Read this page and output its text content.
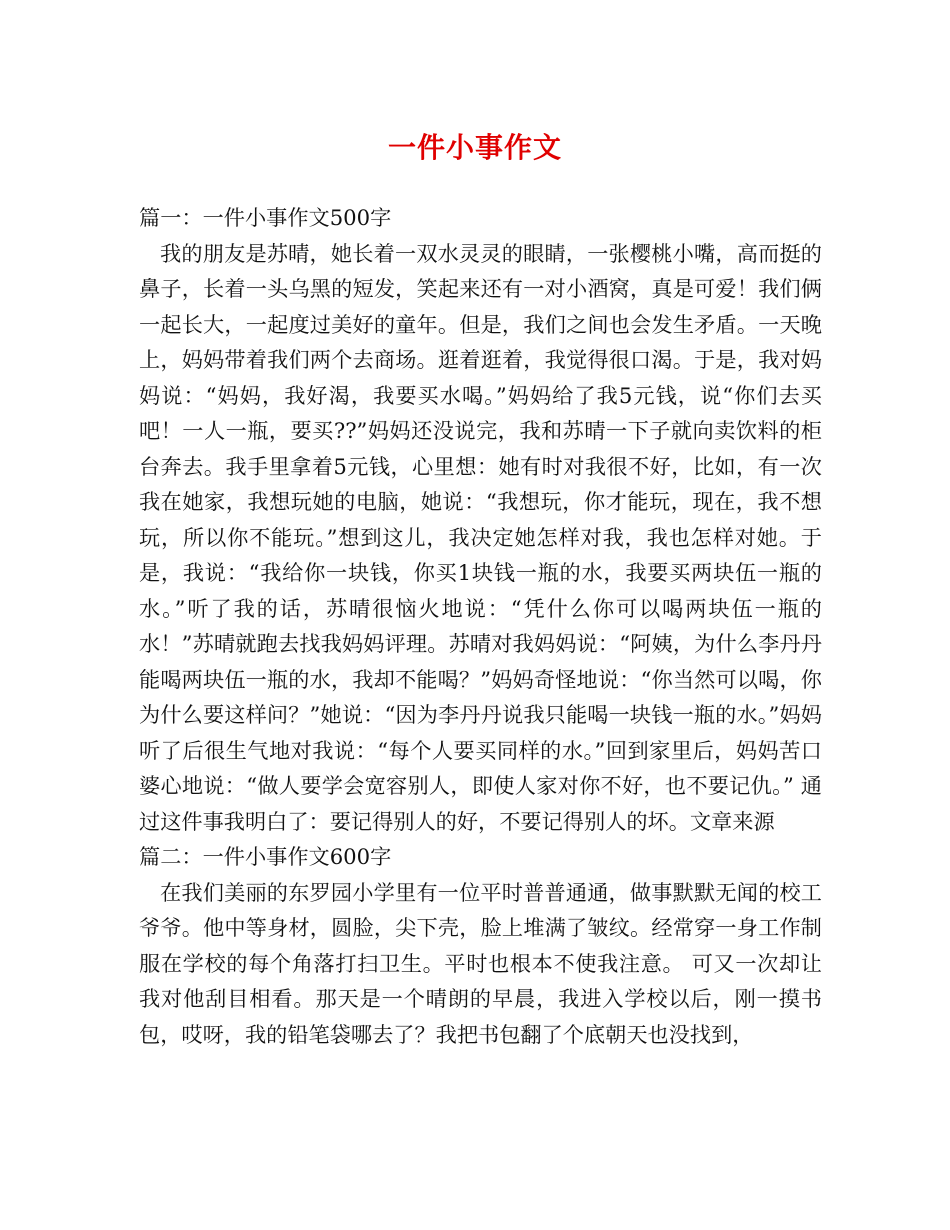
一件小事作文

篇一：一件小事作文500字

我的朋友是苏晴，她长着一双水灵灵的眼睛，一张樱桃小嘴，高而挺的鼻子，长着一头乌黑的短发，笑起来还有一对小酒窝，真是可爱！我们俩一起长大，一起度过美好的童年。但是，我们之间也会发生矛盾。一天晚上，妈妈带着我们两个去商场。逛着逛着，我觉得很口渴。于是，我对妈妈说：“妈妈，我好渴，我要买水喝。”妈妈给了我5元钱，说“你们去买吧！一人一瓶，要买??”妈妈还没说完，我和苏晴一下子就向卖饮料的柜台奔去。我手里拿着5元钱，心里想：她有时对我很不好，比如，有一次我在她家，我想玩她的电脑，她说：“我想玩，你才能玩，现在，我不想玩，所以你不能玩。”想到这儿，我决定她怎样对我，我也怎样对她。于是，我说：“我给你一块钱，你买1块钱一瓶的水，我要买两块伍一瓶的水。”听了我的话，苏晴很恼火地说：“凭什么你可以喝两块伍一瓶的水！”苏晴就跑去找我妈妈评理。苏晴对我妈妈说：“阿姨，为什么李丹丹能喝两块伍一瓶的水，我却不能喝？”妈妈奇怪地说：“你当然可以喝，你为什么要这样问？”她说：“因为李丹丹说我只能喝一块钱一瓶的水。”妈妈听了后很生气地对我说：“每个人要买同样的水。”回到家里后，妈妈苦口婆心地说：“做人要学会宽容别人，即使人家对你不好，也不要记仇。” 通过这件事我明白了：要记得别人的好，不要记得别人的坏。文章来源

篇二：一件小事作文600字

在我们美丽的东罗园小学里有一位平时普普通通，做事默默无闻的校工爷爷。他中等身材，圆脸，尖下壳，脸上堆满了皱纹。经常穿一身工作制服在学校的每个角落打扫卫生。平时也根本不使我注意。 可又一次却让我对他刮目相看。那天是一个晴朗的早晨，我进入学校以后，刚一摸书包，哎呀，我的铅笔袋哪去了？我把书包翻了个底朝天也没找到，
